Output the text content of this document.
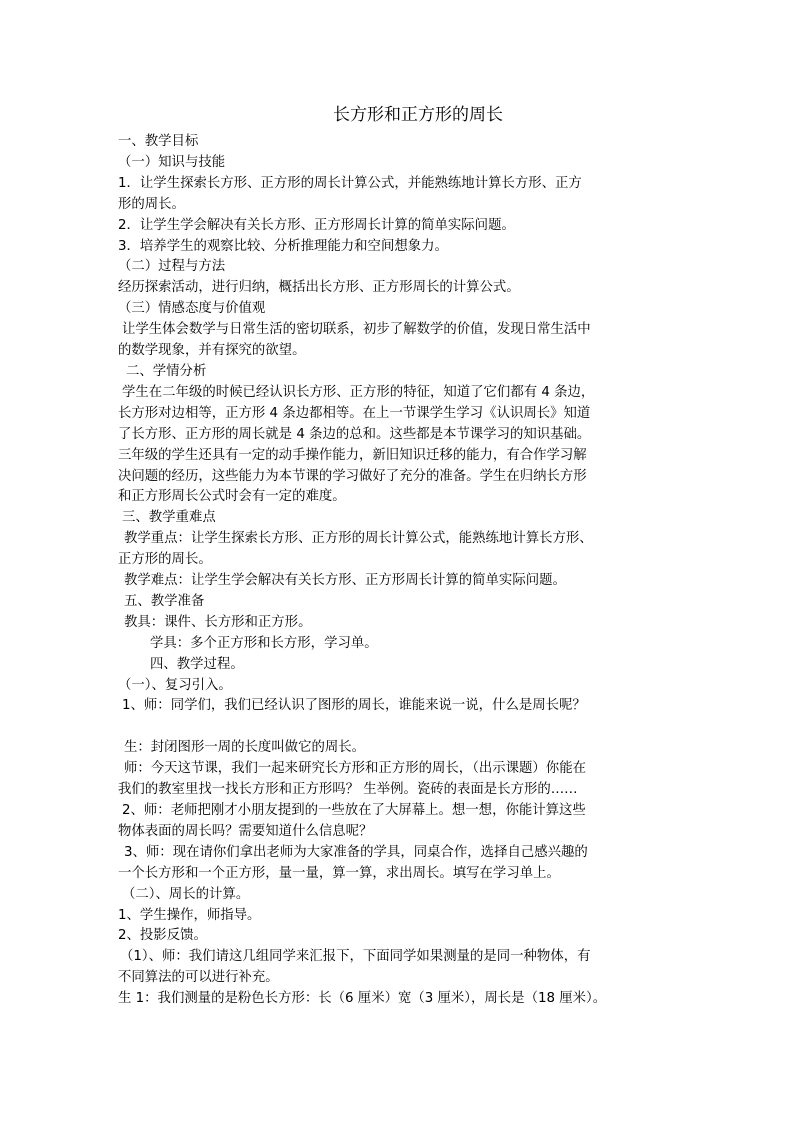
长方形和正方形的周长
一、教学目标
（一）知识与技能
1．让学生探索长方形、正方形的周长计算公式，并能熟练地计算长方形、正方
形的周长。
2．让学生学会解决有关长方形、正方形周长计算的简单实际问题。
3．培养学生的观察比较、分析推理能力和空间想象力。
（二）过程与方法
经历探索活动，进行归纳，概括出长方形、正方形周长的计算公式。
（三）情感态度与价值观
让学生体会数学与日常生活的密切联系，初步了解数学的价值，发现日常生活中
的数学现象，并有探究的欲望。
二、学情分析
学生在二年级的时候已经认识长方形、正方形的特征，知道了它们都有 4 条边，
长方形对边相等，正方形 4 条边都相等。在上一节课学生学习《认识周长》知道
了长方形、正方形的周长就是 4 条边的总和。这些都是本节课学习的知识基础。
三年级的学生还具有一定的动手操作能力，新旧知识迁移的能力，有合作学习解
决问题的经历，这些能力为本节课的学习做好了充分的准备。学生在归纳长方形
和正方形周长公式时会有一定的难度。
三、教学重难点
教学重点：让学生探索长方形、正方形的周长计算公式，能熟练地计算长方形、
正方形的周长。
教学难点：让学生学会解决有关长方形、正方形周长计算的简单实际问题。
五、教学准备
教具：课件、长方形和正方形。
学具：多个正方形和长方形，学习单。
四、教学过程。
（一）、复习引入。
1、师：同学们，我们已经认识了图形的周长，谁能来说一说，什么是周长呢？
生：封闭图形一周的长度叫做它的周长。
师：今天这节课，我们一起来研究长方形和正方形的周长，（出示课题）你能在
我们的教室里找一找长方形和正方形吗？ 生举例。瓷砖的表面是长方形的……
2、师：老师把刚才小朋友提到的一些放在了大屏幕上。想一想，你能计算这些
物体表面的周长吗？需要知道什么信息呢？
3、师：现在请你们拿出老师为大家准备的学具，同桌合作，选择自己感兴趣的
一个长方形和一个正方形，量一量，算一算，求出周长。填写在学习单上。
（二）、周长的计算。
1、学生操作，师指导。
2、投影反馈。
（1）、师：我们请这几组同学来汇报下，下面同学如果测量的是同一种物体，有
不同算法的可以进行补充。
生 1：我们测量的是粉色长方形：长（6 厘米）宽（3 厘米），周长是（18 厘米）。
